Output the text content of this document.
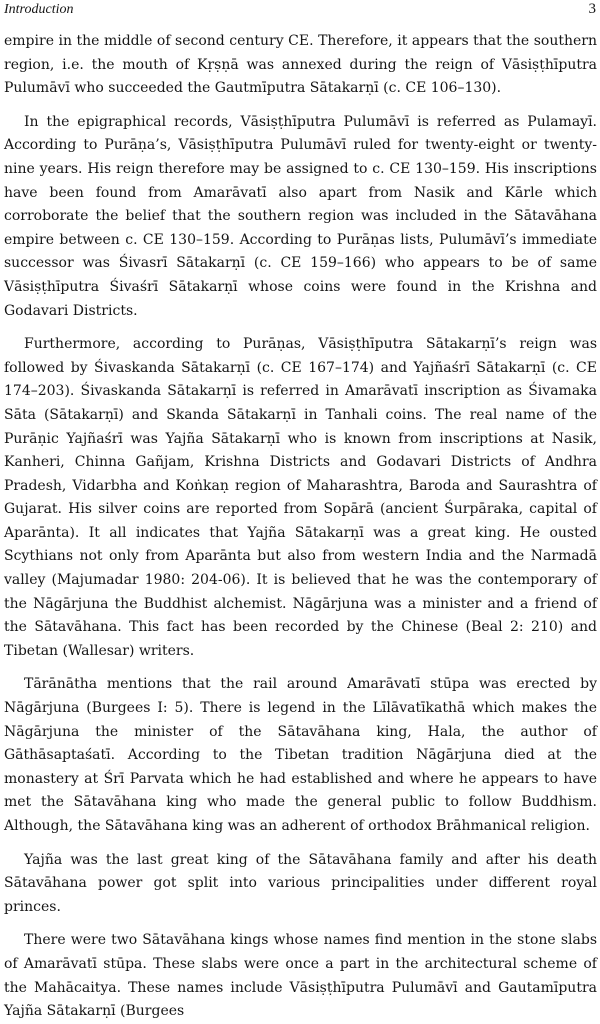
Introduction	3

empire in the middle of second century CE. Therefore, it appears that the southern region, i.e. the mouth of Kṛṣṇā was annexed during the reign of Vāsiṣṭhīputra Pulumāvī who succeeded the Gautmīputra Sātakarṇī (c. CE 106–130).

In the epigraphical records, Vāsiṣṭhīputra Pulumāvī is referred as Pulamayī. According to Purāṇa’s, Vāsiṣṭhīputra Pulumāvī ruled for twenty-eight or twenty-nine years. His reign therefore may be assigned to c. CE 130–159. His inscriptions have been found from Amarāvatī also apart from Nasik and Kārle which corroborate the belief that the southern region was included in the Sātavāhana empire between c. CE 130–159. According to Purāṇas lists, Pulumāvī’s immediate successor was Śivasrī Sātakarṇī (c. CE 159–166) who appears to be of same Vāsiṣṭhīputra Śivaśrī Sātakarṇī whose coins were found in the Krishna and Godavari Districts.

Furthermore, according to Purāṇas, Vāsiṣṭhīputra Sātakarṇī’s reign was followed by Śivaskanda Sātakarṇī (c. CE 167–174) and Yajñaśrī Sātakarṇī (c. CE 174–203). Śivaskanda Sātakarṇī is referred in Amarāvatī inscription as Śivamaka Sāta (Sātakarṇī) and Skanda Sātakarṇī in Tanhali coins. The real name of the Purāṇic Yajñaśrī was Yajña Sātakarṇī who is known from inscriptions at Nasik, Kanheri, Chinna Gañjam, Krishna Districts and Godavari Districts of Andhra Pradesh, Vidarbha and Koṅkaṇ region of Maharashtra, Baroda and Saurashtra of Gujarat. His silver coins are reported from Sopārā (ancient Śurpāraka, capital of Aparānta). It all indicates that Yajña Sātakarṇī was a great king. He ousted Scythians not only from Aparānta but also from western India and the Narmadā valley (Majumadar 1980: 204-06). It is believed that he was the contemporary of the Nāgārjuna the Buddhist alchemist. Nāgārjuna was a minister and a friend of the Sātavāhana. This fact has been recorded by the Chinese (Beal 2: 210) and Tibetan (Wallesar) writers.

Tārānātha mentions that the rail around Amarāvatī stūpa was erected by Nāgārjuna (Burgees I: 5). There is legend in the Līlāvatīkathā which makes the Nāgārjuna the minister of the Sātavāhana king, Hala, the author of Gāthāsaptaśatī. According to the Tibetan tradition Nāgārjuna died at the monastery at Śrī Parvata which he had established and where he appears to have met the Sātavāhana king who made the general public to follow Buddhism. Although, the Sātavāhana king was an adherent of orthodox Brāhmanical religion.

Yajña was the last great king of the Sātavāhana family and after his death Sātavāhana power got split into various principalities under different royal princes.

There were two Sātavāhana kings whose names find mention in the stone slabs of Amarāvatī stūpa. These slabs were once a part in the architectural scheme of the Mahācaitya. These names include Vāsiṣṭhīputra Pulumāvī and Gautamīputra Yajña Sātakarṇī (Burgees
